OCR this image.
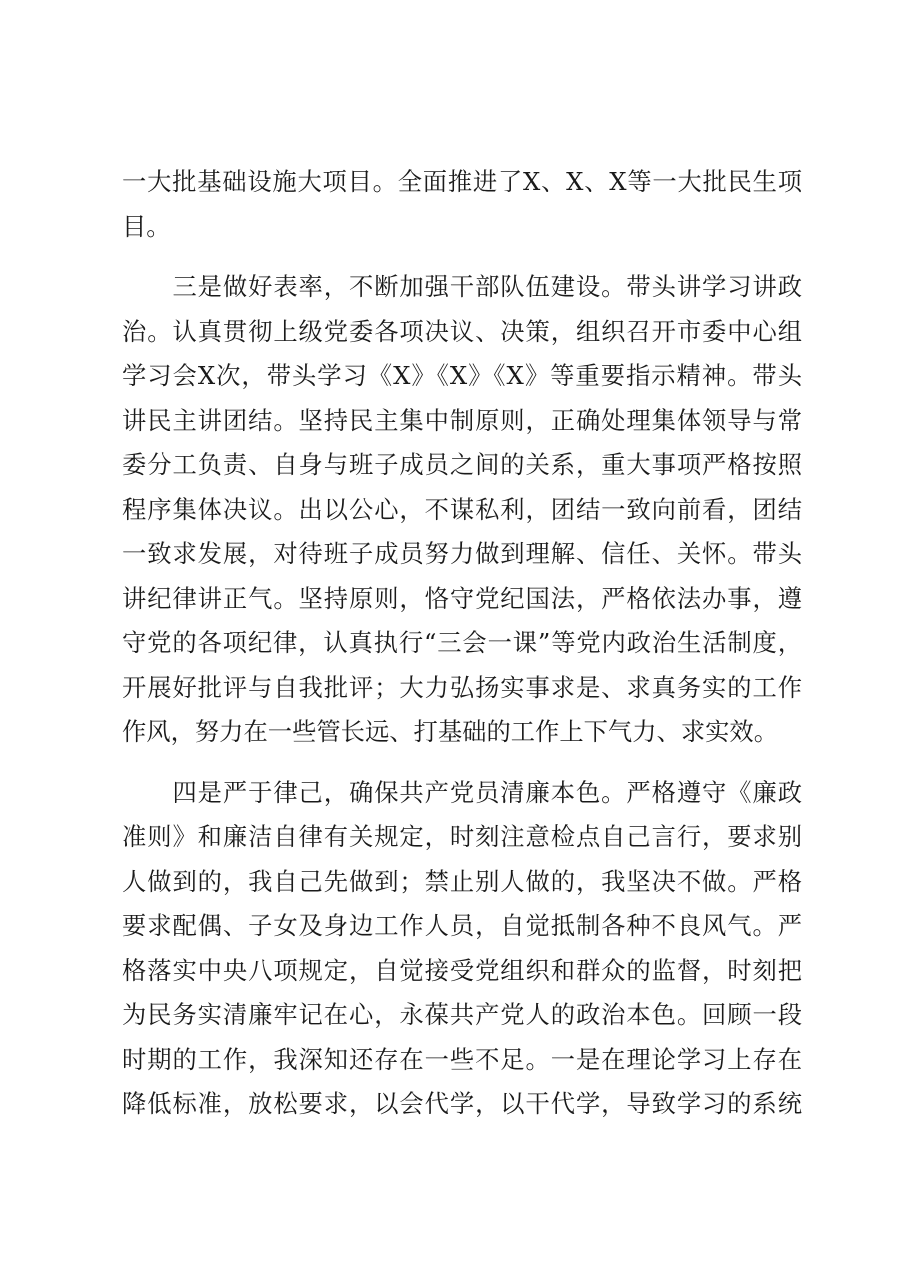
一大批基础设施大项目。全面推进了X、X、X等一大批民生项
目。
　　三是做好表率，不断加强干部队伍建设。带头讲学习讲政
治。认真贯彻上级党委各项决议、决策，组织召开市委中心组
学习会X次，带头学习《X》《X》《X》等重要指示精神。带头
讲民主讲团结。坚持民主集中制原则，正确处理集体领导与常
委分工负责、自身与班子成员之间的关系，重大事项严格按照
程序集体决议。出以公心，不谋私利，团结一致向前看，团结
一致求发展，对待班子成员努力做到理解、信任、关怀。带头
讲纪律讲正气。坚持原则，恪守党纪国法，严格依法办事，遵
守党的各项纪律，认真执行“三会一课”等党内政治生活制度，
开展好批评与自我批评；大力弘扬实事求是、求真务实的工作
作风，努力在一些管长远、打基础的工作上下气力、求实效。
　　四是严于律己，确保共产党员清廉本色。严格遵守《廉政
准则》和廉洁自律有关规定，时刻注意检点自己言行，要求别
人做到的，我自己先做到；禁止别人做的，我坚决不做。严格
要求配偶、子女及身边工作人员，自觉抵制各种不良风气。严
格落实中央八项规定，自觉接受党组织和群众的监督，时刻把
为民务实清廉牢记在心，永葆共产党人的政治本色。回顾一段
时期的工作，我深知还存在一些不足。一是在理论学习上存在
降低标准，放松要求，以会代学，以干代学，导致学习的系统
